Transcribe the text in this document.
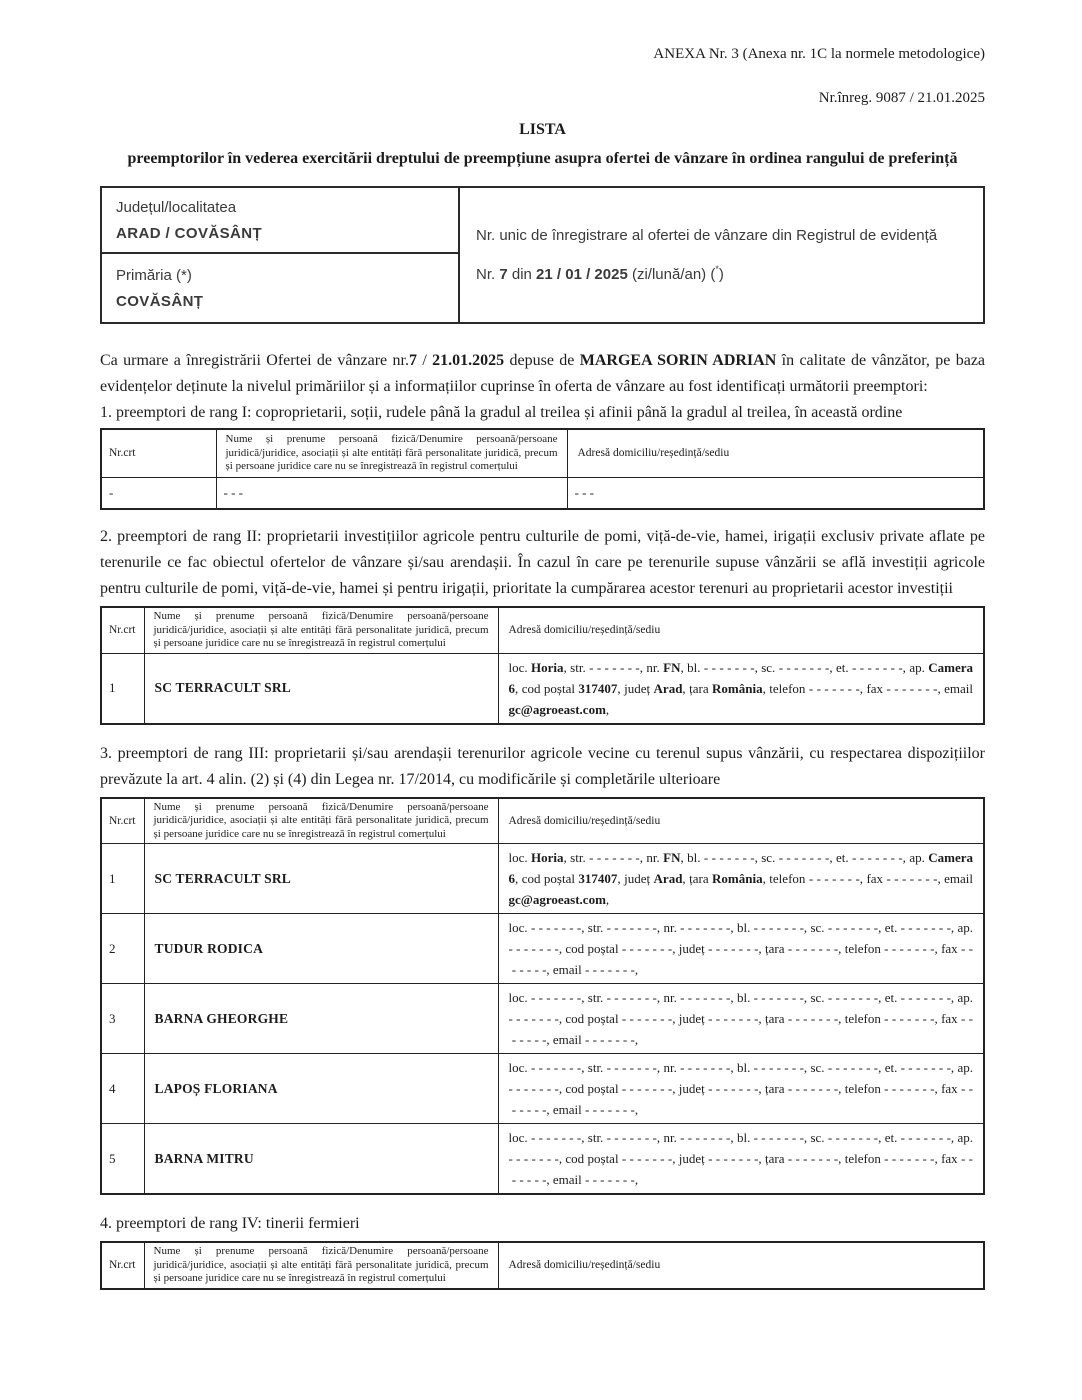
ANEXA Nr. 3 (Anexa nr. 1C la normele metodologice)
Nr.înreg. 9087 / 21.01.2025
LISTA
preemptorilor în vederea exercitării dreptului de preempțiune asupra ofertei de vânzare în ordinea rangului de preferință
Județul/localitatea
ARAD / COVĂSÂNȚ	Nr. unic de înregistrare al ofertei de vânzare din Registrul de evidență
Nr. 7 din 21 / 01 / 2025 (zi/lună/an) (*)

Primăria (*)
COVĂSÂNȚ

Ca urmare a înregistrării Ofertei de vânzare nr.7 / 21.01.2025 depuse de MARGEA SORIN ADRIAN în calitate de vânzător, pe baza evidențelor deținute la nivelul primăriilor și a informațiilor cuprinse în oferta de vânzare au fost identificați următorii preemptori:

1. preemptori de rang I: coproprietarii, soții, rudele până la gradul al treilea și afinii până la gradul al treilea, în această ordine

Nr.crt	Nume și prenume persoană fizică/Denumire persoană/persoane juridică/juridice, asociații și alte entități fără personalitate juridică, precum și persoane juridice care nu se înregistrează în registrul comerțului	Adresă domiciliu/reședință/sediu
-	- - -	- - -

2. preemptori de rang II: proprietarii investițiilor agricole pentru culturile de pomi, viță-de-vie, hamei, irigații exclusiv private aflate pe terenurile ce fac obiectul ofertelor de vânzare și/sau arendașii. În cazul în care pe terenurile supuse vânzării se află investiții agricole pentru culturile de pomi, viță-de-vie, hamei și pentru irigații, prioritate la cumpărarea acestor terenuri au proprietarii acestor investiții

Nr.crt	Nume și prenume persoană fizică/Denumire persoană/persoane juridică/juridice, asociații și alte entități fără personalitate juridică, precum și persoane juridice care nu se înregistrează în registrul comerțului	Adresă domiciliu/reședință/sediu
1	SC TERRACULT SRL	loc. Horia, str. - - - - - - -, nr. FN, bl. - - - - - - -, sc. - - - - - - -, et. - - - - - - -, ap. Camera 6, cod poștal 317407, județ Arad, țara România, telefon - - - - - - -, fax - - - - - - -, email gc@agroeast.com,

3. preemptori de rang III: proprietarii și/sau arendașii terenurilor agricole vecine cu terenul supus vânzării, cu respectarea dispozițiilor prevăzute la art. 4 alin. (2) și (4) din Legea nr. 17/2014, cu modificările și completările ulterioare

Nr.crt	Nume și prenume persoană fizică/Denumire persoană/persoane juridică/juridice, asociații și alte entități fără personalitate juridică, precum și persoane juridice care nu se înregistrează în registrul comerțului	Adresă domiciliu/reședință/sediu
1	SC TERRACULT SRL	loc. Horia, str. - - - - - - -, nr. FN, bl. - - - - - - -, sc. - - - - - - -, et. - - - - - - -, ap. Camera 6, cod poștal 317407, județ Arad, țara România, telefon - - - - - - -, fax - - - - - - -, email gc@agroeast.com,
2	TUDUR RODICA	loc. - - - - - - -, str. - - - - - - -, nr. - - - - - - -, bl. - - - - - - -, sc. - - - - - - -, et. - - - - - - -, ap. - - - - - - -, cod poștal - - - - - - -, județ - - - - - - -, țara - - - - - - -, telefon - - - - - - -, fax - - - - - - -, email - - - - - - -,
3	BARNA GHEORGHE	loc. - - - - - - -, str. - - - - - - -, nr. - - - - - - -, bl. - - - - - - -, sc. - - - - - - -, et. - - - - - - -, ap. - - - - - - -, cod poștal - - - - - - -, județ - - - - - - -, țara - - - - - - -, telefon - - - - - - -, fax - - - - - - -, email - - - - - - -,
4	LAPOȘ FLORIANA	loc. - - - - - - -, str. - - - - - - -, nr. - - - - - - -, bl. - - - - - - -, sc. - - - - - - -, et. - - - - - - -, ap. - - - - - - -, cod poștal - - - - - - -, județ - - - - - - -, țara - - - - - - -, telefon - - - - - - -, fax - - - - - - -, email - - - - - - -,
5	BARNA MITRU	loc. - - - - - - -, str. - - - - - - -, nr. - - - - - - -, bl. - - - - - - -, sc. - - - - - - -, et. - - - - - - -, ap. - - - - - - -, cod poștal - - - - - - -, județ - - - - - - -, țara - - - - - - -, telefon - - - - - - -, fax - - - - - - -, email - - - - - - -,

4. preemptori de rang IV: tinerii fermieri

Nr.crt	Nume și prenume persoană fizică/Denumire persoană/persoane juridică/juridice, asociații și alte entități fără personalitate juridică, precum și persoane juridice care nu se înregistrează în registrul comerțului	Adresă domiciliu/reședință/sediu
